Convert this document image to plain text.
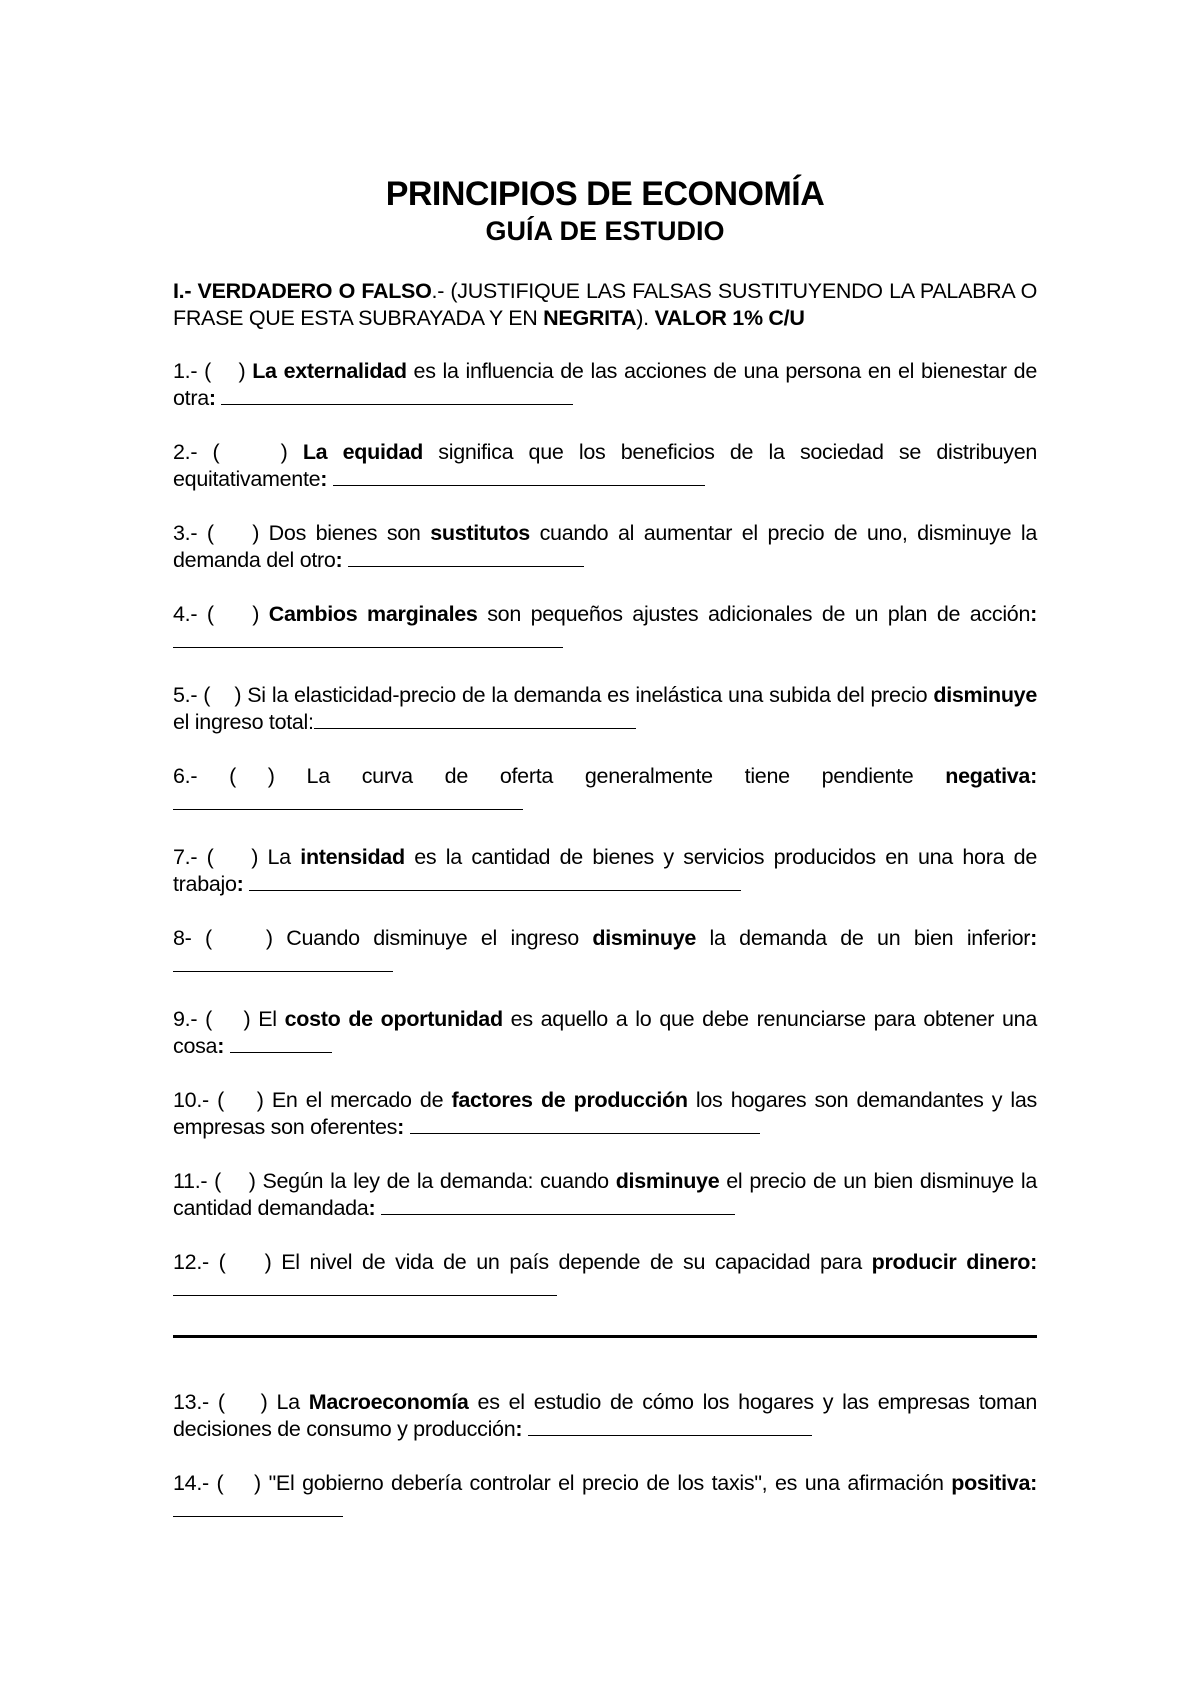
PRINCIPIOS DE ECONOMÍA
GUÍA DE ESTUDIO
I.- VERDADERO O FALSO.- (JUSTIFIQUE LAS FALSAS SUSTITUYENDO LA PALABRA O FRASE QUE ESTA SUBRAYADA Y EN NEGRITA). VALOR 1% C/U
1.- (    ) La externalidad es la influencia de las acciones de una persona en el bienestar de otra:
2.- (    ) La equidad significa que los beneficios de la sociedad se distribuyen equitativamente:
3.- (    ) Dos bienes son sustitutos cuando al aumentar el precio de uno, disminuye la demanda del otro:
4.- (    ) Cambios marginales son pequeños ajustes adicionales de un plan de acción:
5.- (    ) Si la elasticidad-precio de la demanda es inelástica una subida del precio disminuye el ingreso total:
6.- ( ) La curva de oferta generalmente tiene pendiente negativa:
7.- (    ) La intensidad es la cantidad de bienes y servicios producidos en una hora de trabajo:
8- (    ) Cuando disminuye el ingreso disminuye la demanda de un bien inferior:
9.- (    ) El costo de oportunidad es aquello a lo que debe renunciarse para obtener una cosa:
10.- (    ) En el mercado de factores de producción los hogares son demandantes y las empresas son oferentes:
11.- (    ) Según la ley de la demanda: cuando disminuye el precio de un bien disminuye la cantidad demandada:
12.- (    ) El nivel de vida de un país depende de su capacidad para producir dinero:
13.- (    ) La Macroeconomía es el estudio de cómo los hogares y las empresas toman decisiones de consumo y producción:
14.- (    ) "El gobierno debería controlar el precio de los taxis", es una afirmación positiva:
